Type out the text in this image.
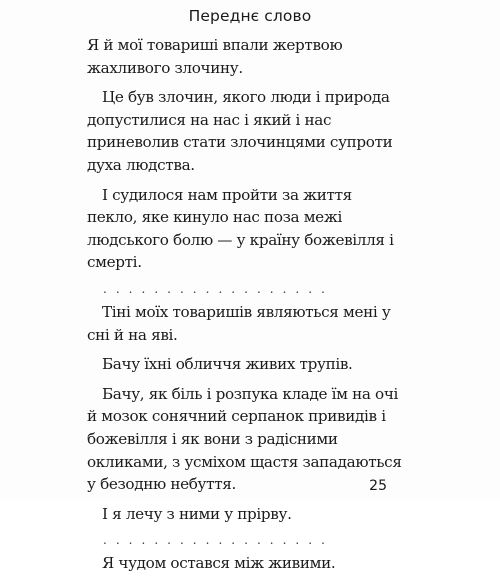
Переднє слово

Я й мої товариші впали жертвою жахливого злочину.

Це був злочин, якого люди і природа допустилися на нас і який і нас приневолив стати злочинцями супроти духа людства.

І судилося нам пройти за життя пекло, яке кинуло нас поза межі людського болю — у країну божевілля і смерті.

. . . . . . . . . . . . . . . . . .

Тіні моїх товаришів являються мені у сні й на яві.

Бачу їхні обличчя живих трупів.

Бачу, як біль і розпука кладе їм на очі й мозок сонячний серпанок привидів і божевілля і як вони з радісними окликами, з усміхом щастя западаються у безодню небуття.

І я лечу з ними у прірву.

. . . . . . . . . . . . . . . . . .

Я чудом остався між живими.

25
